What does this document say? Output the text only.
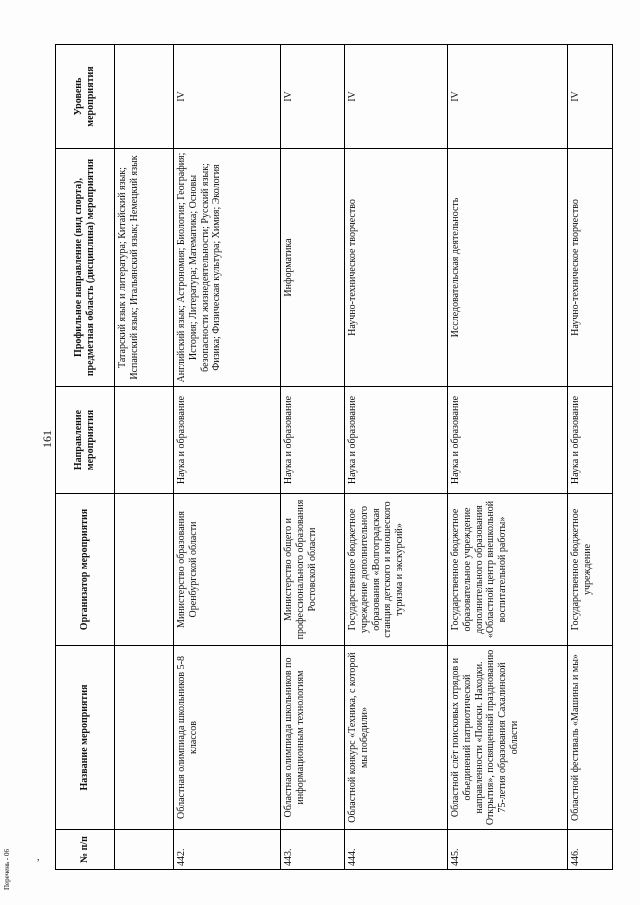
161
,
Перечень - 06	№ п/п	Название мероприятия	Организатор мероприятия	Направление мероприятия	Профильное направление (вид спорта), предметная область (дисциплина) мероприятия	Уровень мероприятия
				Татарский язык и литература; Китайский язык; Испанский язык; Итальянский язык; Немецкий язык	
442.	Областная олимпиада школьников 5-8 классов	Министерство образования Оренбургской области	Наука и образование	Английский язык; Астрономия; Биология; География; История; Литература; Математика; Основы безопасности жизнедеятельности; Русский язык; Физика; Физическая культура; Химия; Экология	IV
443.	Областная олимпиада школьников по информационным технологиям	Министерство общего и профессионального образования Ростовской области	Наука и образование	Информатика	IV
444.	Областной конкурс «Техника, с которой мы победили»	Государственное бюджетное учреждение дополнительного образования «Волгоградская станция детского и юношеского туризма и экскурсий»	Наука и образование	Научно-техническое творчество	IV
445.	Областной слёт поисковых отрядов и объединений патриотической направленности «Поиски. Находки. Открытия», посвященный празднованию 75-летия образования Сахалинской области	Государственное бюджетное образовательное учреждение дополнительного образования «Областной центр внешкольной воспитательной работы»	Наука и образование	Исследовательская деятельность	IV
446.	Областной фестиваль «Машины и мы»	Государственное бюджетное учреждение	Наука и образование	Научно-техническое творчество	IV
